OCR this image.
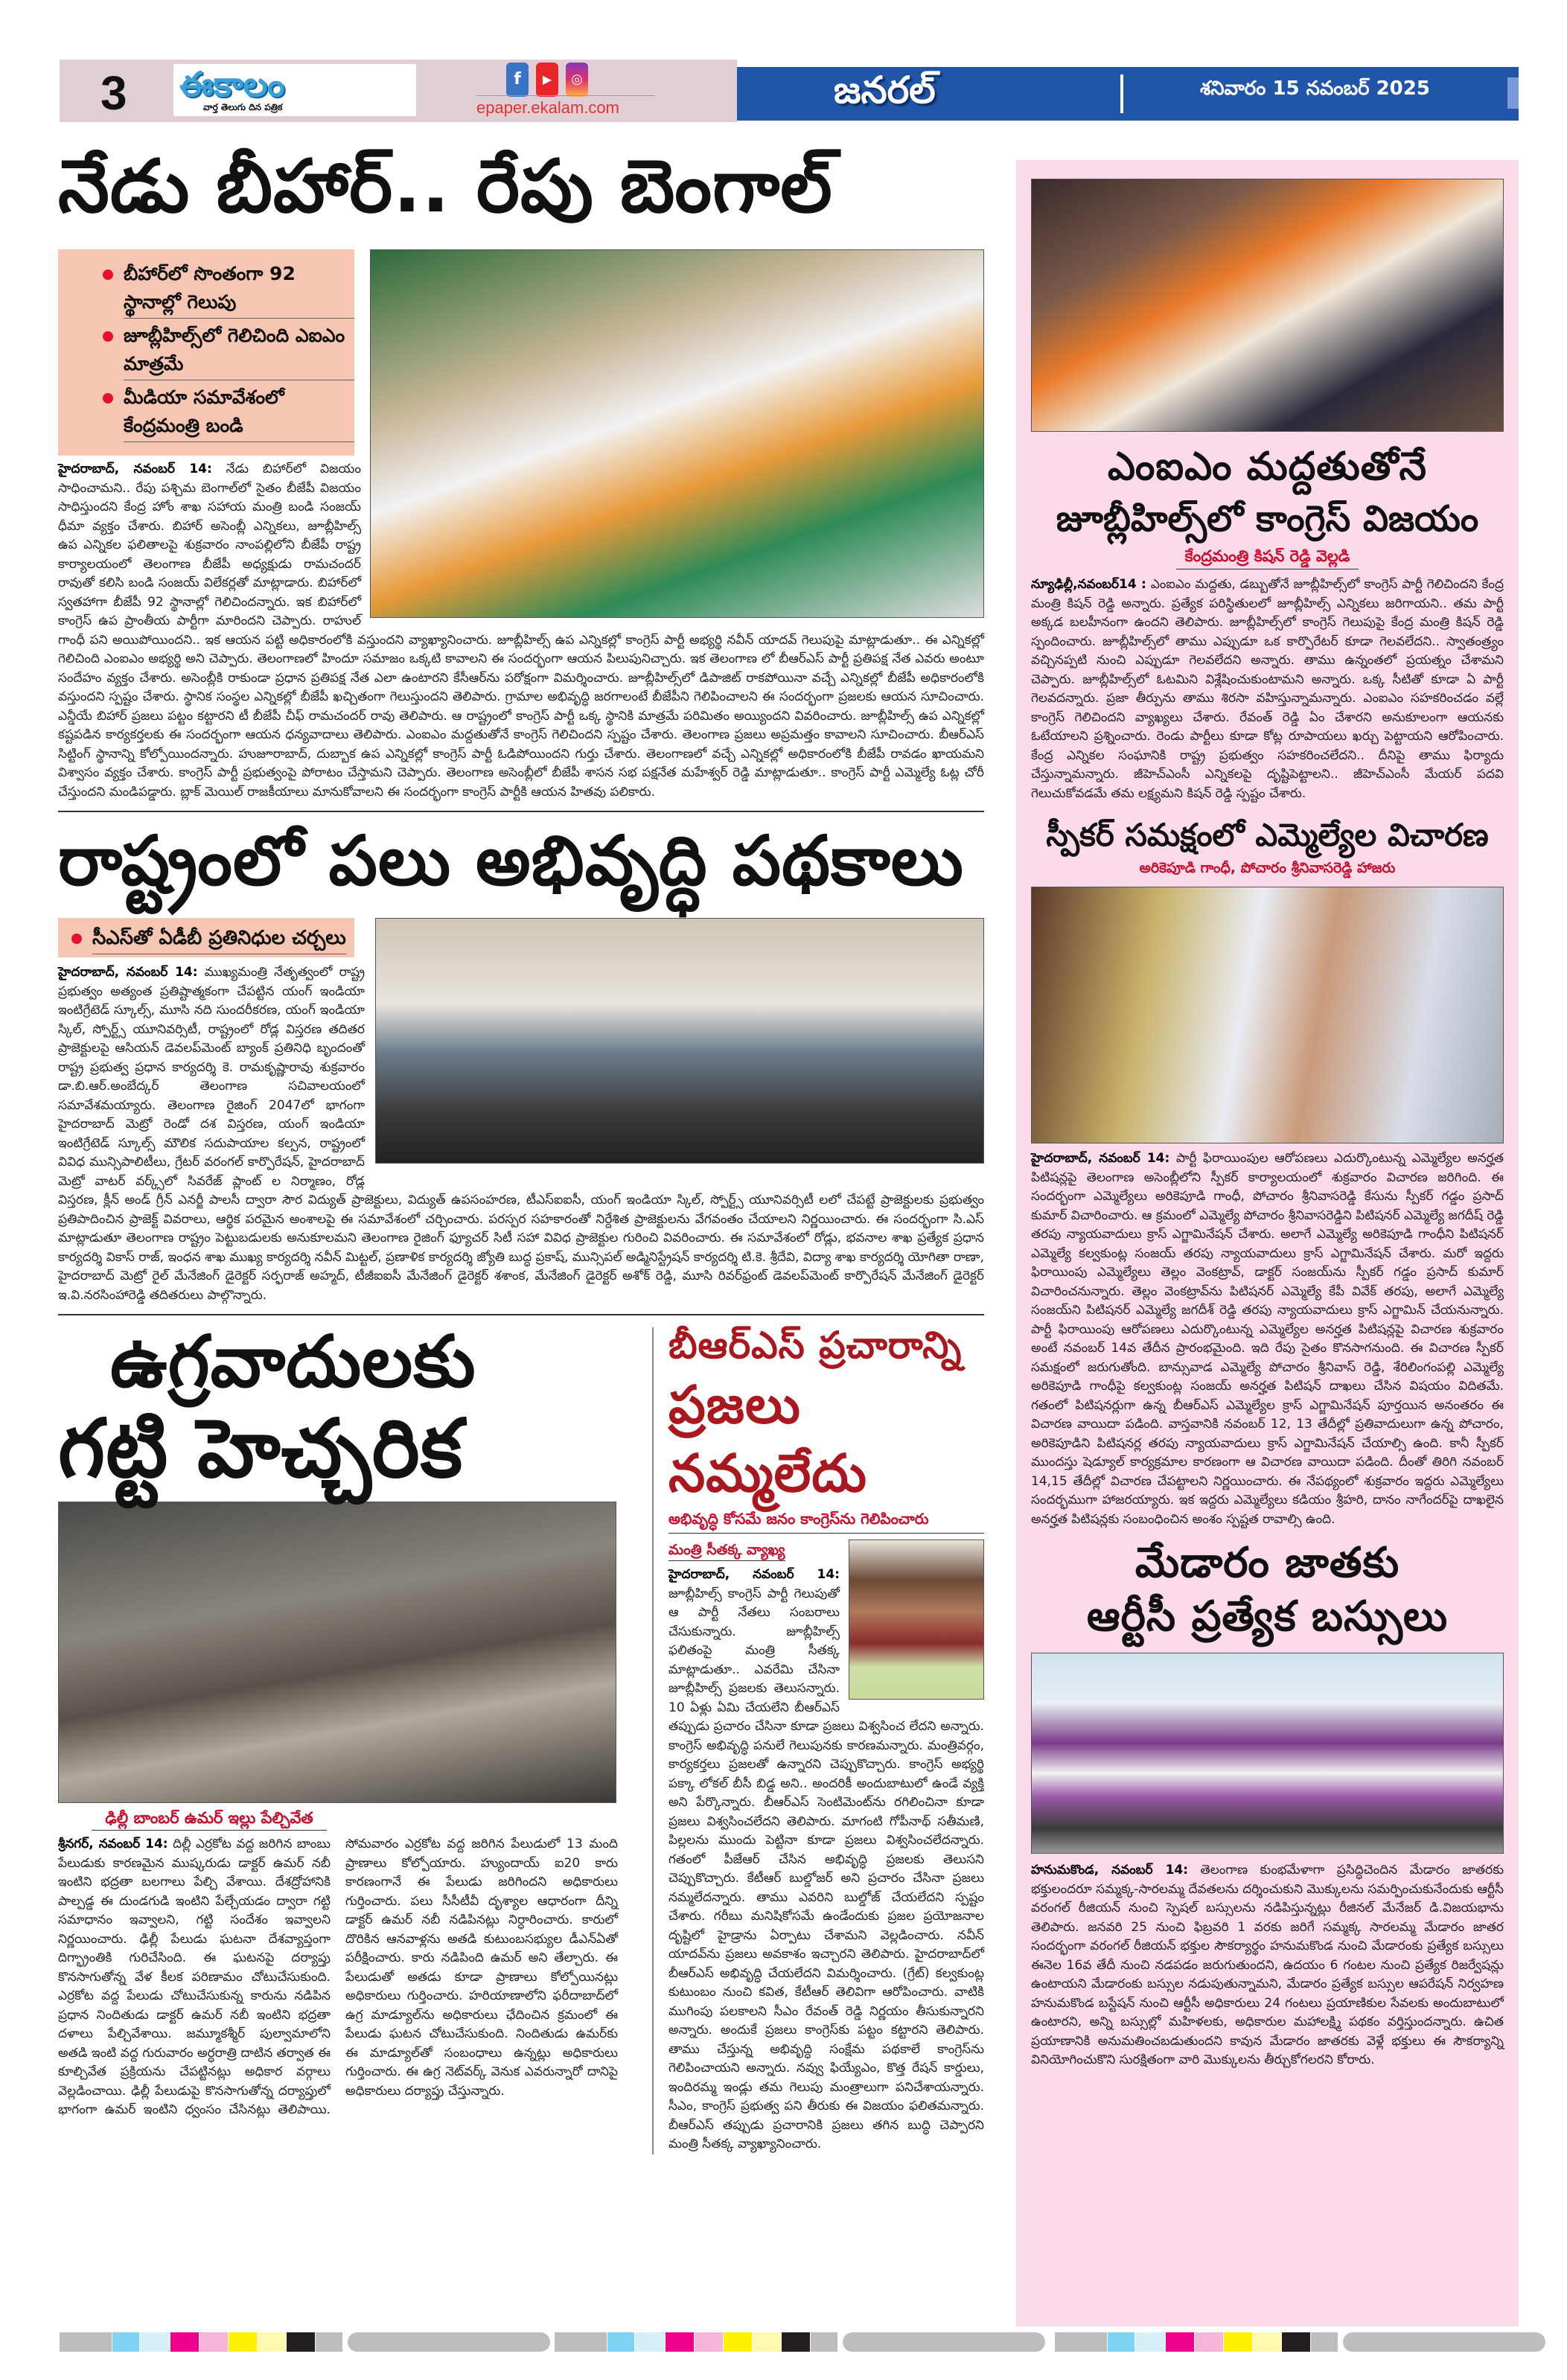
3 ఈకాలం
వార్త తెలుగు దిన పత్రిక
f	▶	◎
epaper.ekalam.com	జనరల్	శనివారం 15 నవంబర్ 2025
నేడు బీహార్.. రేపు బెంగాల్
బీహార్‌లో సొంతంగా 92 స్థానాల్లో గెలుపు
జూబ్లీహిల్స్‌లో గెలిచింది ఎఐఎం మాత్రమే
మీడియా సమావేశంలో కేంద్రమంత్రి బండి

హైదరాబాద్, నవంబర్ 14: నేడు బిహార్‌లో విజయం సాధించామని.. రేపు పశ్చిమ బెంగాల్‌లో సైతం బీజేపీ విజయం సాధిస్తుందని కేంద్ర హోం శాఖ సహాయ మంత్రి బండి సంజయ్ ధీమా వ్యక్తం చేశారు. బిహార్ అసెంబ్లీ ఎన్నికలు, జూబ్లీహిల్స్ ఉప ఎన్నికల ఫలితాలపై శుక్రవారం నాంపల్లిలోని బీజేపీ రాష్ట్ర కార్యాలయంలో తెలంగాణ బీజేపీ అధ్యక్షుడు రామచందర్ రావుతో కలిసి బండి సంజయ్ విలేకర్లతో మాట్లాడారు. బిహార్‌లో స్వతహాగా బీజేపీ 92 స్థానాల్లో గెలిచిందన్నారు. ఇక బిహార్‌లో కాంగ్రెస్ ఉప ప్రాంతీయ పార్టీగా మారిందని చెప్పారు. రాహుల్ గాంధీ పని అయిపోయిందని.. ఇక ఆయన పట్టి అధికారంలోకి వస్తుందని వ్యాఖ్యానించారు. జూబ్లీహిల్స్ ఉప ఎన్నికల్లో కాంగ్రెస్ పార్టీ అభ్యర్థి నవీన్ యాదవ్ గెలుపుపై మాట్లాడుతూ.. ఈ ఎన్నికల్లో గెలిచింది ఎంఐఎం అభ్యర్థి అని చెప్పారు. తెలంగాణలో హిందూ సమాజం ఒక్కటి కావాలని ఈ సందర్భంగా ఆయన పిలుపునిచ్చారు. ఇక తెలంగాణ లో బీఆర్ఎస్ పార్టీ ప్రతిపక్ష నేత ఎవరు అంటూ సందేహం వ్యక్తం చేశారు. అసెంబ్లీకి రాకుండా ప్రధాన ప్రతిపక్ష నేత ఎలా ఉంటారని కేసీఆర్‌ను పరోక్షంగా విమర్శించారు. జూబ్లీహిల్స్‌లో డిపాజిట్ రాకపోయినా వచ్చే ఎన్నికల్లో బీజేపీ అధికారంలోకి వస్తుందని స్పష్టం చేశారు. స్థానిక సంస్థల ఎన్నికల్లో బీజేపీ ఖచ్చితంగా గెలుస్తుందని తెలిపారు. గ్రామాల అభివృద్ధి జరగాలంటే బీజేపీని గెలిపించాలని ఈ సందర్భంగా ప్రజలకు ఆయన సూచించారు. ఎన్డీయే బిహార్ ప్రజలు పట్టం కట్టారని టీ బీజేపీ చీఫ్ రామచందర్ రావు తెలిపారు. ఆ రాష్ట్రంలో కాంగ్రెస్ పార్టీ ఒక్క స్థానికి మాత్రమే పరిమితం అయ్యిందని వివరించారు. జూబ్లీహిల్స్ ఉప ఎన్నికల్లో కష్టపడిన కార్యకర్తలకు ఈ సందర్భంగా ఆయన ధన్యవాదాలు తెలిపారు. ఎంఐఎం మద్దతుతోనే కాంగ్రెస్ గెలిచిందని స్పష్టం చేశారు. తెలంగాణ ప్రజలు అప్రమత్తం కావాలని సూచించారు. బీఆర్ఎస్ సిట్టింగ్ స్థానాన్ని కోల్పోయిందన్నారు. హుజూరాబాద్, దుబ్బాక ఉప ఎన్నికల్లో కాంగ్రెస్ పార్టీ ఓడిపోయిందని గుర్తు చేశారు. తెలంగాణలో వచ్చే ఎన్నికల్లో అధికారంలోకి బీజేపీ రావడం ఖాయమని విశ్వాసం వ్యక్తం చేశారు. కాంగ్రెస్ పార్టీ ప్రభుత్వంపై పోరాటం చేస్తామని చెప్పారు. తెలంగాణ అసెంబ్లీలో బీజేపీ శాసన సభ పక్షనేత మహేశ్వర్ రెడ్డి మాట్లాడుతూ.. కాంగ్రెస్ పార్టీ ఎమ్మెల్యే ఓట్ల చోరీ చేస్తుందని మండిపడ్డారు. బ్లాక్ మెయిల్ రాజకీయాలు మానుకోవాలని ఈ సందర్భంగా కాంగ్రెస్ పార్టీకి ఆయన హితవు పలికారు.

రాష్ట్రంలో పలు అభివృద్ధి పథకాలు
సీఎస్‌తో ఏడీబీ ప్రతినిధుల చర్చలు

హైదరాబాద్, నవంబర్ 14: ముఖ్యమంత్రి నేతృత్వంలో రాష్ట్ర ప్రభుత్వం అత్యంత ప్రతిష్టాత్మకంగా చేపట్టిన యంగ్ ఇండియా ఇంటిగ్రేటెడ్ స్కూల్స్, మూసి నది సుందరీకరణ, యంగ్ ఇండియా స్కిల్, స్పోర్ట్స్ యూనివర్సిటీ, రాష్ట్రంలో రోడ్ల విస్తరణ తదితర ప్రాజెక్టులపై ఆసియన్ డెవలప్‌మెంట్ బ్యాంక్ ప్రతినిధి బృందంతో రాష్ట్ర ప్రభుత్వ ప్రధాన కార్యదర్శి కె. రామకృష్ణారావు శుక్రవారం డా.బి.ఆర్.అంబేద్కర్ తెలంగాణ సచివాలయంలో సమావేశమయ్యారు. తెలంగాణ రైజింగ్ 2047లో భాగంగా హైదరాబాద్ మెట్రో రెండో దశ విస్తరణ, యంగ్ ఇండియా ఇంటిగ్రేటెడ్ స్కూల్స్ మౌలిక సదుపాయాల కల్పన, రాష్ట్రంలో వివిధ మున్సిపాలిటీలు, గ్రేటర్ వరంగల్ కార్పొరేషన్, హైదరాబాద్ మెట్రో వాటర్ వర్క్స్‌లో సివరేజ్ ప్లాంట్ ల నిర్మాణం, రోడ్ల విస్తరణ, క్లీన్ అండ్ గ్రీన్ ఎనర్జీ పాలసీ ద్వారా సౌర విద్యుత్ ప్రాజెక్టులు, విద్యుత్ ఉపసంహరణ, టీఎస్‌ఐఐసీ, యంగ్ ఇండియా స్కిల్, స్పోర్ట్స్ యూనివర్సిటీ లలో చేపట్టే ప్రాజెక్టులకు ప్రభుత్వం ప్రతిపాదించిన ప్రాజెక్ట్ వివరాలు, ఆర్థిక పరమైన అంశాలపై ఈ సమావేశంలో చర్చించారు. పరస్పర సహకారంతో నిర్దేశిత ప్రాజెక్టులను వేగవంతం చేయాలని నిర్ణయించారు. ఈ సందర్భంగా సి.ఎస్ మాట్లాడుతూ తెలంగాణ రాష్ట్రం పెట్టుబడులకు అనుకూలమని తెలంగాణ రైజింగ్ ఫ్యూచర్ సిటీ సహా వివిధ ప్రాజెక్టుల గురించి వివరించారు. ఈ సమావేశంలో రోడ్లు, భవనాల శాఖ ప్రత్యేక ప్రధాన కార్యదర్శి వికాస్ రాజ్, ఇంధన శాఖ ముఖ్య కార్యదర్శి నవీన్ మిట్టల్, ప్రణాళిక కార్యదర్శి జ్యోతి బుద్ధ ప్రకాష్, మున్సిపల్ అడ్మినిస్ట్రేషన్ కార్యదర్శి టి.కె. శ్రీదేవి, విద్యా శాఖ కార్యదర్శి యోగితా రాణా, హైదరాబాద్ మెట్రో రైల్ మేనేజింగ్ డైరెక్టర్ సర్ఫరాజ్ అహ్మద్, టీజీఐఐసీ మేనేజింగ్ డైరెక్టర్ శశాంక, మేనేజింగ్ డైరెక్టర్ అశోక్ రెడ్డి, మూసి రివర్‌ఫ్రంట్ డెవలప్‌మెంట్ కార్పొరేషన్ మేనేజింగ్ డైరెక్టర్ ఇ.వి.నరసింహారెడ్డి తదితరులు పాల్గొన్నారు.

ఉగ్రవాదులకు
గట్టి హెచ్చరిక
ఢిల్లీ బాంబర్ ఉమర్ ఇల్లు పేల్చివేత

శ్రీనగర్, నవంబర్ 14: దిల్లీ ఎర్రకోట వద్ద జరిగిన బాంబు పేలుడుకు కారణమైన ముష్కరుడు డాక్టర్ ఉమర్ నబీ ఇంటిని భద్రతా బలగాలు పేల్చి వేశాయి. దేశద్రోహానికి పాల్పడ్డ ఈ దుండగుడి ఇంటిని పేల్చేయడం ద్వారా గట్టి సమాధానం ఇవ్వాలని, గట్టి సందేశం ఇవ్వాలని నిర్ణయించారు. ఢిల్లీ పేలుడు ఘటనా దేశవ్యాప్తంగా దిగ్భ్రాంతికి గురిచేసింది. ఈ ఘటనపై దర్యాప్తు కొనసాగుతోన్న వేళ కీలక పరిణామం చోటుచేసుకుంది. ఎర్రకోట వద్ద పేలుడు చోటుచేసుకున్న కారును నడిపిన ప్రధాన నిందితుడు డాక్టర్ ఉమర్ నబీ ఇంటిని భద్రతా దళాలు పేల్చివేశాయి. జమ్మూకశ్మీర్ పుల్వామాలోని అతడి ఇంటి వద్ద గురువారం అర్ధరాత్రి దాటిన తర్వాత ఈ కూల్చివేత ప్రక్రియను చేపట్టినట్లు అధికార వర్గాలు వెల్లడించాయి. ఢిల్లీ పేలుడుపై కొనసాగుతోన్న దర్యాప్తులో భాగంగా ఉమర్ ఇంటిని ధ్వంసం చేసినట్లు తెలిపాయి. సోమవారం ఎర్రకోట వద్ద జరిగిన పేలుడులో 13 మంది ప్రాణాలు కోల్పోయారు. హ్యుందాయ్ ఐ20 కారు కారణంగానే ఈ పేలుడు జరిగిందని అధికారులు గుర్తించారు. పలు సీసీటీవీ దృశ్యాల ఆధారంగా దీన్ని డాక్టర్ ఉమర్ నబీ నడిపినట్లు నిర్ధారించారు. కారులో దొరికిన ఆనవాళ్లను అతడి కుటుంబసభ్యుల డీఎన్ఏతో పరీక్షించారు. కారు నడిపింది ఉమర్ అని తేల్చారు. ఈ పేలుడుతో అతడు కూడా ప్రాణాలు కోల్పోయినట్లు అధికారులు గుర్తించారు. హరియాణాలోని ఫరీదాబాద్‌లో ఉగ్ర మాడ్యూల్‌ను అధికారులు ఛేదించిన క్రమంలో ఈ పేలుడు ఘటన చోటుచేసుకుంది. నిందితుడు ఉమర్‌కు ఈ మాడ్యూల్‌తో సంబంధాలు ఉన్నట్లు అధికారులు గుర్తించారు. ఈ ఉగ్ర నెట్‌వర్క్ వెనుక ఎవరున్నారో దానిపై అధికారులు దర్యాప్తు చేస్తున్నారు.

బీఆర్ఎస్ ప్రచారాన్ని
ప్రజలు నమ్మలేదు
అభివృద్ధి కోసమే జనం కాంగ్రెస్‌ను గెలిపించారు
మంత్రి సీతక్క వ్యాఖ్య

హైదరాబాద్, నవంబర్ 14: జూబ్లీహిల్స్ కాంగ్రెస్ పార్టీ గెలుపుతో ఆ పార్టీ నేతలు సంబరాలు చేసుకున్నారు. జూబ్లీహిల్స్ ఫలితంపై మంత్రి సీతక్క మాట్లాడుతూ.. ఎవరేమి చేసినా జూబ్లీహిల్స్ ప్రజలకు తెలుసన్నారు. 10 ఏళ్లు ఏమి చేయలేని బీఆర్ఎస్ తప్పుడు ప్రచారం చేసినా కూడా ప్రజలు విశ్వసించ లేదని అన్నారు. కాంగ్రెస్ అభివృద్ధి పనులే గెలుపునకు కారణమన్నారు. మంత్రివర్గం, కార్యకర్తలు ప్రజలతో ఉన్నారని చెప్పుకొచ్చారు. కాంగ్రెస్ అభ్యర్థి పక్కా లోకల్ బీసీ బిడ్డ అని.. అందరికీ అందుబాటులో ఉండే వ్యక్తి అని పేర్కొన్నారు. బీఆర్ఎస్ సెంటిమెంట్‌ను రగిలించినా కూడా ప్రజలు విశ్వసించలేదని తెలిపారు. మాగంటి గోపీనాథ్ సతీమణి, పిల్లలను ముందు పెట్టినా కూడా ప్రజలు విశ్వసించలేదన్నారు. గతంలో పీజేఆర్ చేసిన అభివృద్ధి ప్రజలకు తెలుసని చెప్పుకొచ్చారు. కేటీఆర్ బుల్డోజర్ అని ప్రచారం చేసినా ప్రజలు నమ్మలేదన్నారు. తాము ఎవరిని బుల్డోజ్ చేయలేదని స్పష్టం చేశారు. గరీబు మనిషికోసమే ఉండేందుకు ప్రజల ప్రయోజనాల దృష్టిలో హైడ్రాను ఏర్పాటు చేశామని వెల్లడించారు. నవీన్ యాదవ్‌ను ప్రజలు అవకాశం ఇచ్చారని తెలిపారు. హైదరాబాద్‌లో బీఆర్ఎస్ అభివృద్ధి చేయలేదని విమర్శించారు. (గ్రేట్) కల్వకుంట్ల కుటుంబం నుంచి కవిత, కేటీఆర్ తెలివిగా ఆరోపించారు. వాటికి ముగింపు పలకాలని సీఎం రేవంత్ రెడ్డి నిర్ణయం తీసుకున్నారని అన్నారు. అందుకే ప్రజలు కాంగ్రెస్‌కు పట్టం కట్టారని తెలిపారు. తాము చేస్తున్న అభివృద్ధి సంక్షేమ పథకాలే కాంగ్రెస్‌ను గెలిపించాయని అన్నారు. నవ్వు ఫియ్యేఎం, కొత్త రేషన్ కార్డులు, ఇందిరమ్మ ఇండ్లు తమ గెలుపు మంత్రాలుగా పనిచేశాయన్నారు. సీఎం, కాంగ్రెస్ ప్రభుత్వ పని తీరుకు ఈ విజయం ఫలితమన్నారు. బీఆర్ఎస్ తప్పుడు ప్రచారానికి ప్రజలు తగిన బుద్ధి చెప్పారని మంత్రి సీతక్క వ్యాఖ్యానించారు.

ఎంఐఎం మద్దతుతోనే
జూబ్లీహిల్స్‌లో కాంగ్రెస్ విజయం
కేంద్రమంత్రి కిషన్ రెడ్డి వెల్లడి

న్యూఢిల్లీ,నవంబర్14 : ఎంఐఎం మద్దతు, డబ్బుతోనే జూబ్లీహిల్స్‌లో కాంగ్రెస్ పార్టీ గెలిచిందని కేంద్ర మంత్రి కిషన్ రెడ్డి అన్నారు. ప్రత్యేక పరిస్థితులలో జూబ్లీహిల్స్ ఎన్నికలు జరిగాయని.. తమ పార్టీ అక్కడ బలహీనంగా ఉందని తెలిపారు. జూబ్లీహిల్స్‌లో కాంగ్రెస్ గెలుపుపై కేంద్ర మంత్రి కిషన్ రెడ్డి స్పందించారు. జూబ్లీహిల్స్‌లో తాము ఎప్పుడూ ఒక కార్పొరేటర్ కూడా గెలవలేదని.. స్వాతంత్ర్యం వచ్చినప్పటి నుంచి ఎప్పుడూ గెలవలేదని అన్నారు. తాము ఉన్నంతలో ప్రయత్నం చేశామని చెప్పారు. జూబ్లీహిల్స్‌లో ఓటమిని విశ్లేషించుకుంటామని అన్నారు. ఒక్క సీటితో కూడా ఏ పార్టీ గెలవదన్నారు. ప్రజా తీర్పును తాము శిరసా వహిస్తున్నామన్నారు. ఎంఐఎం సహకరించడం వల్లే కాంగ్రెస్ గెలిచిందని వ్యాఖ్యలు చేశారు. రేవంత్ రెడ్డి ఏం చేశారని అనుకూలంగా ఆయనకు ఓటేయాలని ప్రశ్నించారు. రెండు పార్టీలు కూడా కోట్ల రూపాయలు ఖర్చు పెట్టాయని ఆరోపించారు. కేంద్ర ఎన్నికల సంఘానికి రాష్ట్ర ప్రభుత్వం సహకరించలేదని.. దీనిపై తాము ఫిర్యాదు చేస్తున్నామన్నారు. జీహెచ్ఎంసీ ఎన్నికలపై దృష్టిపెట్టాలని.. జీహెచ్ఎంసీ మేయర్ పదవి గెలుచుకోవడమే తమ లక్ష్యమని కిషన్ రెడ్డి స్పష్టం చేశారు.

స్పీకర్ సమక్షంలో ఎమ్మెల్యేల విచారణ
అరికెపూడి గాంధీ, పోచారం శ్రీనివాసరెడ్డి హాజరు

హైదరాబాద్, నవంబర్ 14: పార్టీ ఫిరాయింపుల ఆరోపణలు ఎదుర్కొంటున్న ఎమ్మెల్యేల అనర్హత పిటిషన్లపై తెలంగాణ అసెంబ్లీలోని స్పీకర్ కార్యాలయంలో శుక్రవారం విచారణ జరిగింది. ఈ సందర్భంగా ఎమ్మెల్యేలు అరికెపూడి గాంధీ, పోచారం శ్రీనివాసరెడ్డి కేసును స్పీకర్ గడ్డం ప్రసాద్ కుమార్ విచారించారు. ఆ క్రమంలో ఎమ్మెల్యే పోచారం శ్రీనివాసరెడ్డిని పిటిషనర్ ఎమ్మెల్యే జగదీష్ రెడ్డి తరపు న్యాయవాదులు క్రాస్ ఎగ్జామినేషన్ చేశారు. అలాగే ఎమ్మెల్యే అరికెపూడి గాంధీని పిటిషనర్ ఎమ్మెల్యే కల్వకుంట్ల సంజయ్ తరపు న్యాయవాదులు క్రాస్ ఎగ్జామినేషన్ చేశారు. మరో ఇద్దరు ఫిరాయింపు ఎమ్మెల్యేలు తెల్లం వెంకట్రావ్, డాక్టర్ సంజయ్‌ను స్పీకర్ గడ్డం ప్రసాద్ కుమార్ విచారించనున్నారు. తెల్లం వెంకట్రావ్‌ను పిటిషనర్ ఎమ్మెల్యే కేపీ వివేక్ తరపు, అలాగే ఎమ్మెల్యే సంజయ్‌ని పిటిషనర్ ఎమ్మెల్యే జగదీశ్ రెడ్డి తరపు న్యాయవాదులు క్రాస్ ఎగ్జామిన్ చేయనున్నారు. పార్టీ ఫిరాయింపు ఆరోపణలు ఎదుర్కొంటున్న ఎమ్మెల్యేల అనర్హత పిటిషన్లపై విచారణ శుక్రవారం అంటే నవంబర్ 14వ తేదీన ప్రారంభమైంది. ఇది రేపు సైతం కొనసాగనుంది. ఈ విచారణ స్పీకర్ సమక్షంలో జరుగుతోంది. బాన్సువాడ ఎమ్మెల్యే పోచారం శ్రీనివాస్ రెడ్డి, శేరిలింగంపల్లి ఎమ్మెల్యే అరికెపూడి గాంధీపై కల్వకుంట్ల సంజయ్ అనర్హత పిటిషన్ దాఖలు చేసిన విషయం విదితమే. గతంలో పిటిషనర్లుగా ఉన్న బీఆర్ఎస్ ఎమ్మెల్యేల క్రాస్ ఎగ్జామినేషన్ పూర్తయిన అనంతరం ఈ విచారణ వాయిదా పడింది. వాస్తవానికి నవంబర్ 12, 13 తేదీల్లో ప్రతివాదులుగా ఉన్న పోచారం, అరికెపూడిని పిటిషనర్ల తరపు న్యాయవాదులు క్రాస్ ఎగ్జామినేషన్ చేయాల్సి ఉంది. కానీ స్పీకర్ ముందస్తు షెడ్యూల్ కార్యక్రమాల కారణంగా ఆ విచారణ వాయిదా పడింది. దీంతో తిరిగి నవంబర్ 14,15 తేదీల్లో విచారణ చేపట్టాలని నిర్ణయించారు. ఈ నేపథ్యంలో శుక్రవారం ఇద్దరు ఎమ్మెల్యేలు సందర్భముగా హాజరయ్యారు. ఇక ఇద్దరు ఎమ్మెల్యేలు కడియం శ్రీహరి, దానం నాగేందర్‌పై దాఖలైన అనర్హత పిటిషన్లకు సంబంధించిన అంశం స్పష్టత రావాల్సి ఉంది.

మేడారం జాతకు
ఆర్టీసీ ప్రత్యేక బస్సులు

హనుమకొండ, నవంబర్ 14: తెలంగాణ కుంభమేళాగా ప్రసిద్ధిచెందిన మేడారం జాతరకు భక్తులందరూ సమ్మక్క-సారలమ్మ దేవతలను దర్శించుకుని మొక్కులను సమర్పించుకునేందుకు ఆర్టీసీ వరంగల్ రీజియన్ నుంచి స్పెషల్ బస్సులను నడిపిస్తున్నట్లు రీజినల్ మేనేజర్ డి.విజయభాను తెలిపారు. జనవరి 25 నుంచి ఫిబ్రవరి 1 వరకు జరిగే సమ్మక్క సారలమ్మ మేడారం జాతర సందర్భంగా వరంగల్ రీజియన్ భక్తుల సౌకర్యార్థం హనుమకొండ నుంచి మేడారంకు ప్రత్యేక బస్సులు ఈనెల 16వ తేదీ నుంచి నడపడం జరుగుతుందని, ఉదయం 6 గంటల నుంచి ప్రత్యేక రిజర్వేషన్లు ఉంటాయని మేడారంకు బస్సుల నడుపుతున్నామని, మేడారం ప్రత్యేక బస్సుల ఆపరేషన్ నిర్వహణ హనుమకొండ బస్టేషన్ నుంచి ఆర్టీసీ అధికారులు 24 గంటలు ప్రయాణికుల సేవలకు అందుబాటులో ఉంటారని, అన్ని బస్సుల్లో మహిళలకు, అధికారుల మహాలక్ష్మి పథకం వర్తిస్తుందన్నారు. ఉచిత ప్రయాణానికి అనుమతించబడుతుందని కావున మేడారం జాతరకు వెళ్లే భక్తులు ఈ సౌకర్యాన్ని వినియోగించుకొని సురక్షితంగా వారి మొక్కులను తీర్చుకోగలరని కోరారు.
